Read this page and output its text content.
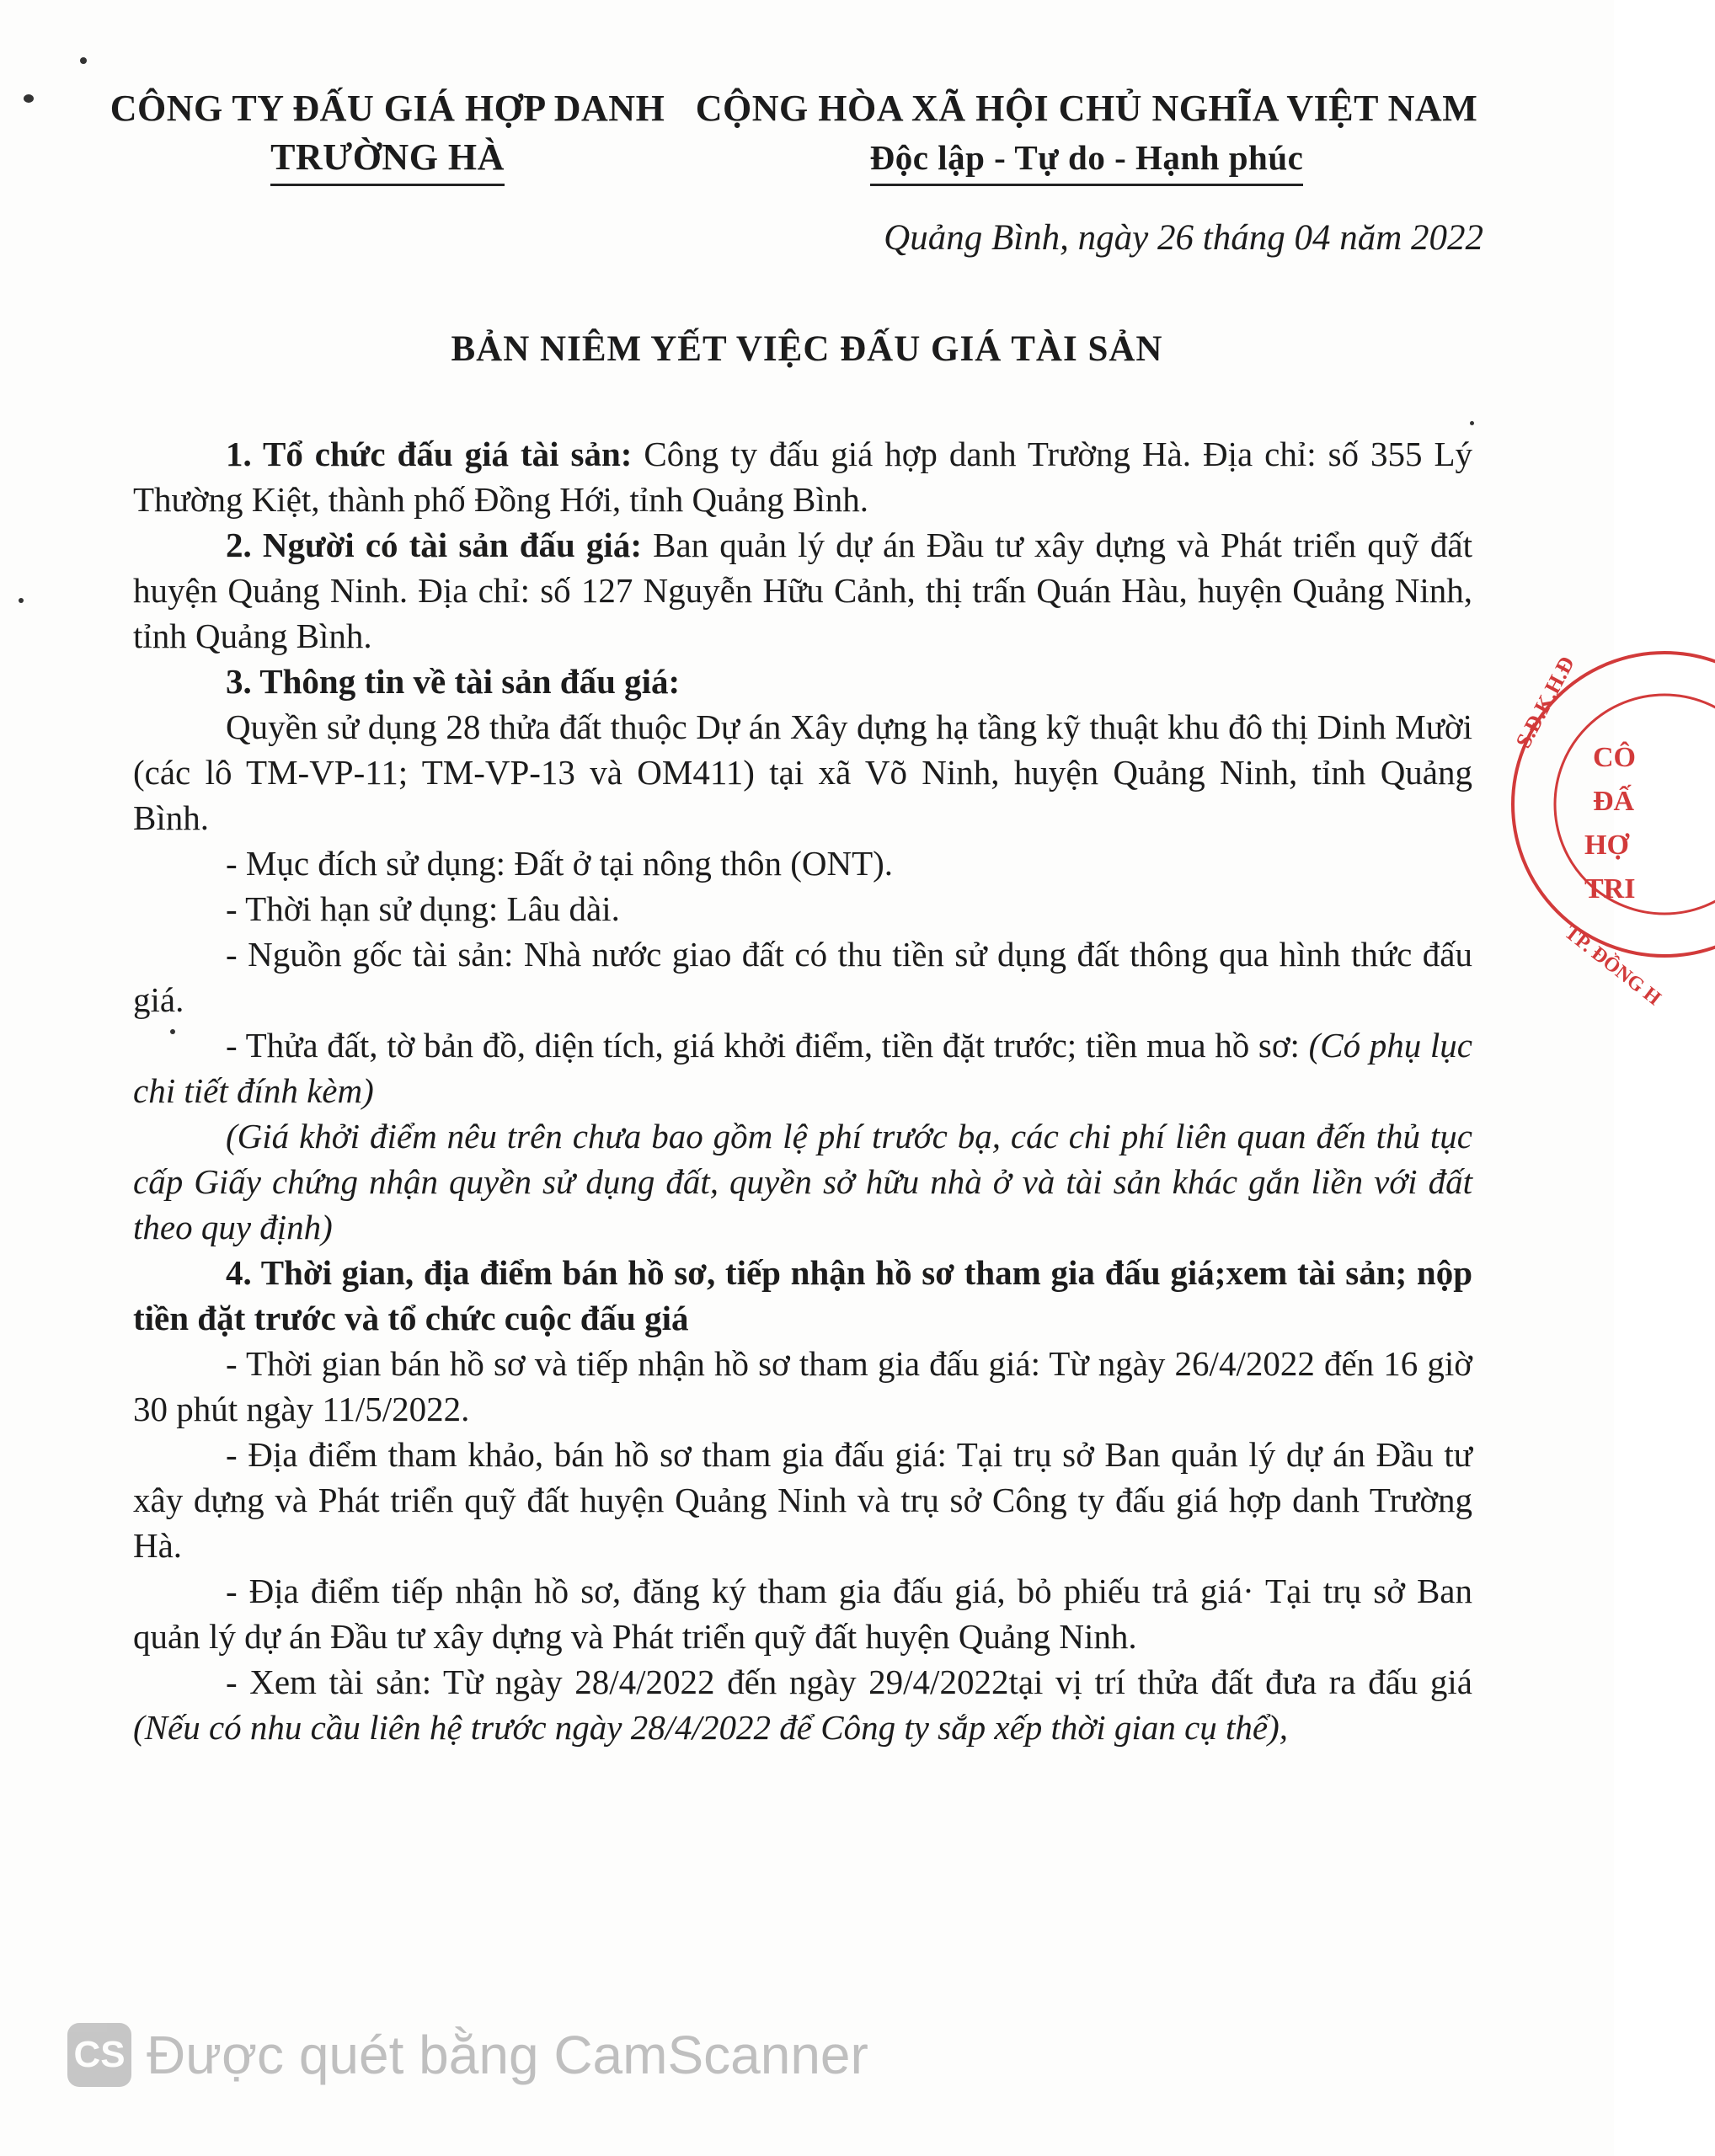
CÔNG TY ĐẤU GIÁ HỢP DANH
TRƯỜNG HÀ
CỘNG HÒA XÃ HỘI CHỦ NGHĨA VIỆT NAM
Độc lập - Tự do - Hạnh phúc
Quảng Bình, ngày 26 tháng 04 năm 2022
BẢN NIÊM YẾT VIỆC ĐẤU GIÁ TÀI SẢN

1. Tổ chức đấu giá tài sản: Công ty đấu giá hợp danh Trường Hà. Địa chỉ: số 355 Lý Thường Kiệt, thành phố Đồng Hới, tỉnh Quảng Bình.

2. Người có tài sản đấu giá: Ban quản lý dự án Đầu tư xây dựng và Phát triển quỹ đất huyện Quảng Ninh. Địa chỉ: số 127 Nguyễn Hữu Cảnh, thị trấn Quán Hàu, huyện Quảng Ninh, tỉnh Quảng Bình.

3. Thông tin về tài sản đấu giá:

Quyền sử dụng 28 thửa đất thuộc Dự án Xây dựng hạ tầng kỹ thuật khu đô thị Dinh Mười (các lô TM-VP-11; TM-VP-13 và OM411) tại xã Võ Ninh, huyện Quảng Ninh, tỉnh Quảng Bình.

- Mục đích sử dụng: Đất ở tại nông thôn (ONT).

- Thời hạn sử dụng: Lâu dài.

- Nguồn gốc tài sản: Nhà nước giao đất có thu tiền sử dụng đất thông qua hình thức đấu giá.

- Thửa đất, tờ bản đồ, diện tích, giá khởi điểm, tiền đặt trước; tiền mua hồ sơ: (Có phụ lục chi tiết đính kèm)

(Giá khởi điểm nêu trên chưa bao gồm lệ phí trước bạ, các chi phí liên quan đến thủ tục cấp Giấy chứng nhận quyền sử dụng đất, quyền sở hữu nhà ở và tài sản khác gắn liền với đất theo quy định)

4. Thời gian, địa điểm bán hồ sơ, tiếp nhận hồ sơ tham gia đấu giá;xem tài sản; nộp tiền đặt trước và tổ chức cuộc đấu giá

- Thời gian bán hồ sơ và tiếp nhận hồ sơ tham gia đấu giá: Từ ngày 26/4/2022 đến 16 giờ 30 phút ngày 11/5/2022.

- Địa điểm tham khảo, bán hồ sơ tham gia đấu giá: Tại trụ sở Ban quản lý dự án Đầu tư xây dựng và Phát triển quỹ đất huyện Quảng Ninh và trụ sở Công ty đấu giá hợp danh Trường Hà.

- Địa điểm tiếp nhận hồ sơ, đăng ký tham gia đấu giá, bỏ phiếu trả giá· Tại trụ sở Ban quản lý dự án Đầu tư xây dựng và Phát triển quỹ đất huyện Quảng Ninh.

- Xem tài sản: Từ ngày 28/4/2022 đến ngày 29/4/2022tại vị trí thửa đất đưa ra đấu giá (Nếu có nhu cầu liên hệ trước ngày 28/4/2022 để Công ty sắp xếp thời gian cụ thể),

S.Đ.K.H.Đ
CÔ
ĐẤ
HỢ
TRI
TP. ĐỒNG H
CS Được quét bằng CamScanner
